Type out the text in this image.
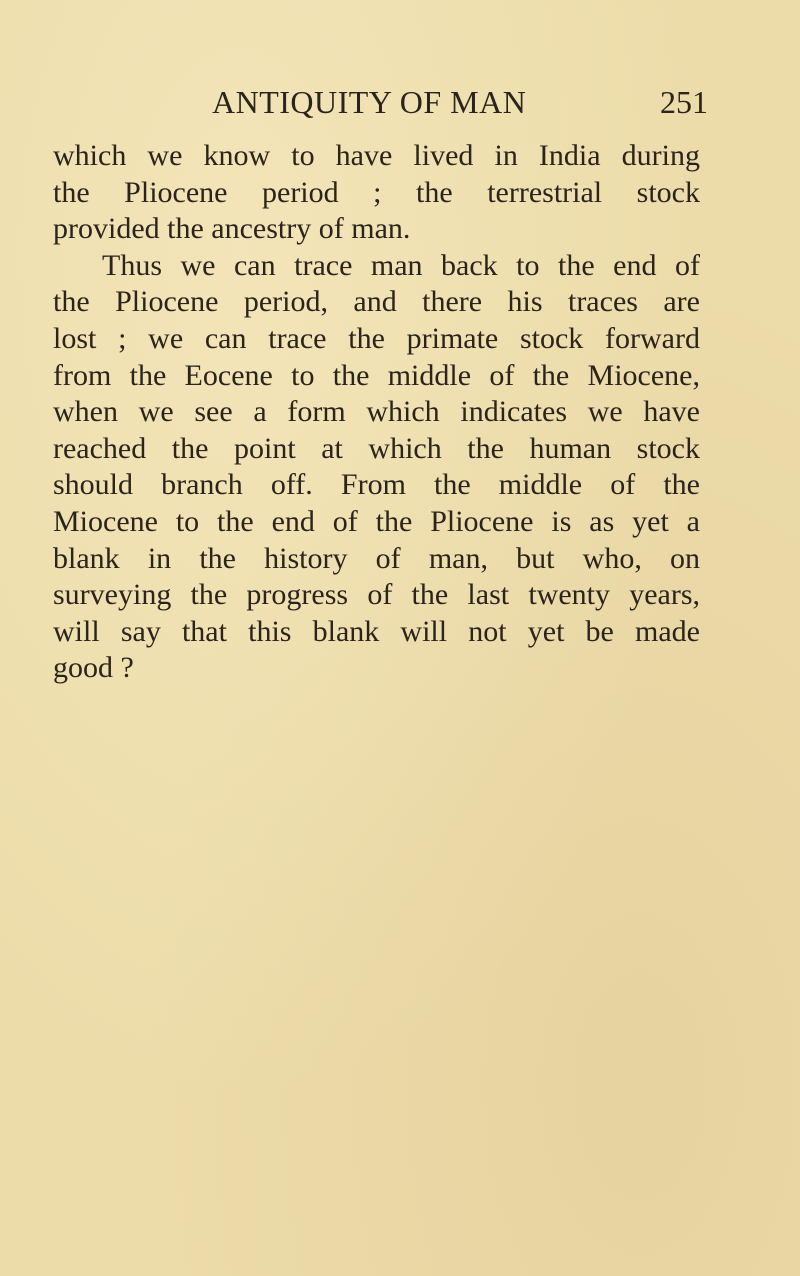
ANTIQUITY OF MAN	251
which we know to have lived in India during
the Pliocene period ; the terrestrial stock
provided the ancestry of man.
Thus we can trace man back to the end of
the Pliocene period, and there his traces are
lost ; we can trace the primate stock forward
from the Eocene to the middle of the Miocene,
when we see a form which indicates we have
reached the point at which the human stock
should branch off. From the middle of the
Miocene to the end of the Pliocene is as yet a
blank in the history of man, but who, on
surveying the progress of the last twenty years,
will say that this blank will not yet be made
good ?
